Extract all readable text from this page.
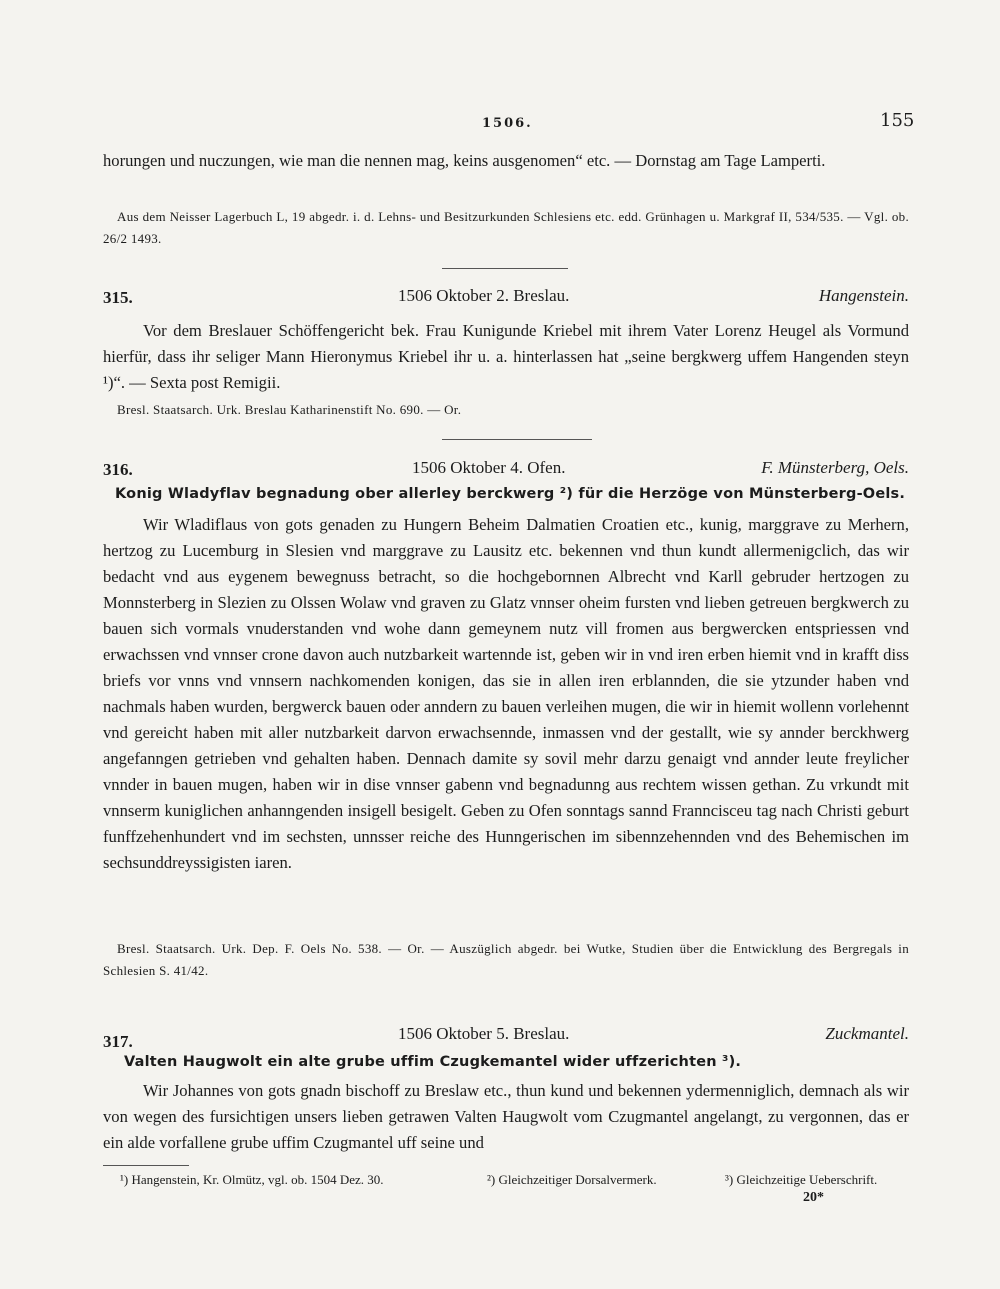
1506.	155
horungen und nuczungen, wie man die nennen mag, keins ausgenomen“ etc. — Dornstag am Tage Lamperti.
Aus dem Neisser Lagerbuch L, 19 abgedr. i. d. Lehns- und Besitzurkunden Schlesiens etc. edd. Grünhagen u. Markgraf II, 534/535. — Vgl. ob. 26/2 1493.
315.	1506 Oktober 2. Breslau.	Hangenstein.
Vor dem Breslauer Schöffengericht bek. Frau Kunigunde Kriebel mit ihrem Vater Lorenz Heugel als Vormund hierfür, dass ihr seliger Mann Hieronymus Kriebel ihr u. a. hinterlassen hat „seine bergkwerg uffem Hangenden steyn ¹)“. — Sexta post Remigii.
Bresl. Staatsarch. Urk. Breslau Katharinenstift No. 690. — Or.
316.	1506 Oktober 4. Ofen.	F. Münsterberg, Oels.
Konig Wladyflav begnadung ober allerley berckwerg ²) für die Herzöge von Münsterberg-Oels.
Wir Wladiflaus von gots genaden zu Hungern Beheim Dalmatien Croatien etc., kunig, marggrave zu Merhern, hertzog zu Lucemburg in Slesien vnd marggrave zu Lausitz etc. bekennen vnd thun kundt allermenigclich, das wir bedacht vnd aus eygenem bewegnuss betracht, so die hochgebornnen Albrecht vnd Karll gebruder hertzogen zu Monnsterberg in Slezien zu Olssen Wolaw vnd graven zu Glatz vnnser oheim fursten vnd lieben getreuen bergkwerch zu bauen sich vormals vnuderstanden vnd wohe dann gemeynem nutz vill fromen aus bergwercken entspriessen vnd erwachssen vnd vnnser crone davon auch nutzbarkeit wartennde ist, geben wir in vnd iren erben hiemit vnd in krafft diss briefs vor vnns vnd vnnsern nachkomenden konigen, das sie in allen iren erblannden, die sie ytzunder haben vnd nachmals haben wurden, bergwerck bauen oder anndern zu bauen verleihen mugen, die wir in hiemit wollenn vorlehennt vnd gereicht haben mit aller nutzbarkeit darvon erwachsennde, inmassen vnd der gestallt, wie sy annder berckhwerg angefanngen getrieben vnd gehalten haben. Dennach damite sy sovil mehr darzu genaigt vnd annder leute freylicher vnnder in bauen mugen, haben wir in dise vnnser gabenn vnd begnadunng aus rechtem wissen gethan. Zu vrkundt mit vnnserm kuniglichen anhanngenden insigell besigelt. Geben zu Ofen sonntags sannd Franncisceu tag nach Christi geburt funffzehenhundert vnd im sechsten, unnsser reiche des Hunngerischen im sibennzehennden vnd des Behemischen im sechsunddreyssigisten iaren.
Bresl. Staatsarch. Urk. Dep. F. Oels No. 538. — Or. — Auszüglich abgedr. bei Wutke, Studien über die Entwicklung des Bergregals in Schlesien S. 41/42.
317.	1506 Oktober 5. Breslau.	Zuckmantel.
Valten Haugwolt ein alte grube uffim Czugkemantel wider uffzerichten ³).
Wir Johannes von gots gnadn bischoff zu Breslaw etc., thun kund und bekennen ydermenniglich, demnach als wir von wegen des fursichtigen unsers lieben getrawen Valten Haugwolt vom Czugmantel angelangt, zu vergonnen, das er ein alde vorfallene grube uffim Czugmantel uff seine und
¹) Hangenstein, Kr. Olmütz, vgl. ob. 1504 Dez. 30.	²) Gleichzeitiger Dorsalvermerk.	³) Gleichzeitige Ueberschrift.
20*
